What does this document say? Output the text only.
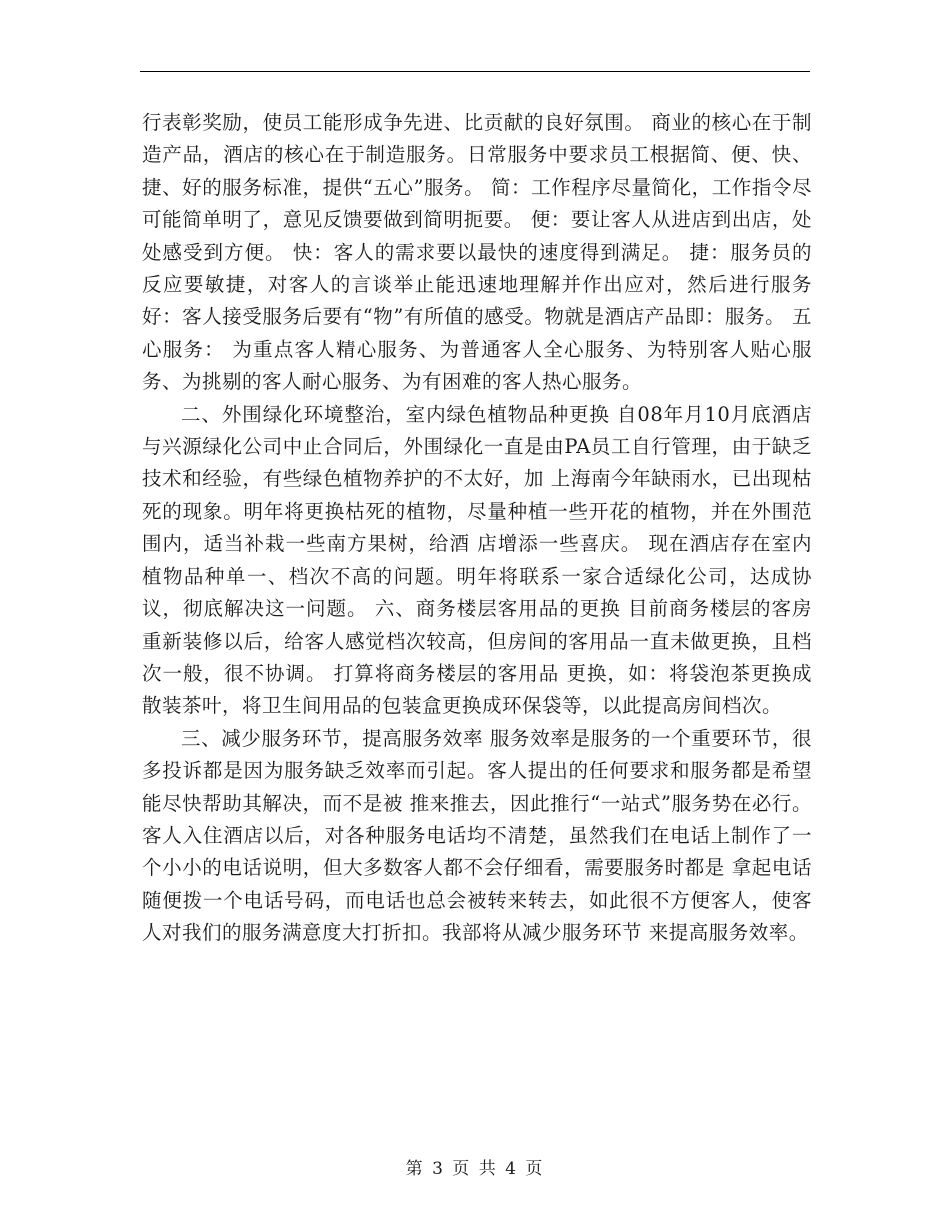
行表彰奖励，使员工能形成争先进、比贡献的良好氛围。 商业的核心在于制造产品，酒店的核心在于制造服务。日常服务中要求员工根据简、便、快、捷、好的服务标准，提供“五心”服务。 简：工作程序尽量简化，工作指令尽可能简单明了，意见反馈要做到简明扼要。 便：要让客人从进店到出店，处处感受到方便。 快：客人的需求要以最快的速度得到满足。 捷：服务员的反应要敏捷，对客人的言谈举止能迅速地理解并作出应对，然后进行服务 好：客人接受服务后要有“物”有所值的感受。物就是酒店产品即：服务。 五心服务： 为重点客人精心服务、为普通客人全心服务、为特别客人贴心服务、为挑剔的客人耐心服务、为有困难的客人热心服务。

二、外围绿化环境整治，室内绿色植物品种更换 自08年月10月底酒店与兴源绿化公司中止合同后，外围绿化一直是由PA员工自行管理，由于缺乏技术和经验，有些绿色植物养护的不太好，加 上海南今年缺雨水，已出现枯死的现象。明年将更换枯死的植物，尽量种植一些开花的植物，并在外围范围内，适当补栽一些南方果树，给酒 店增添一些喜庆。 现在酒店存在室内植物品种单一、档次不高的问题。明年将联系一家合适绿化公司，达成协议，彻底解决这一问题。 六、商务楼层客用品的更换 目前商务楼层的客房重新装修以后，给客人感觉档次较高，但房间的客用品一直未做更换，且档次一般，很不协调。 打算将商务楼层的客用品 更换，如：将袋泡茶更换成散装茶叶，将卫生间用品的包装盒更换成环保袋等，以此提高房间档次。

三、减少服务环节，提高服务效率 服务效率是服务的一个重要环节，很多投诉都是因为服务缺乏效率而引起。客人提出的任何要求和服务都是希望能尽快帮助其解决，而不是被 推来推去，因此推行“一站式”服务势在必行。 客人入住酒店以后，对各种服务电话均不清楚，虽然我们在电话上制作了一个小小的电话说明，但大多数客人都不会仔细看，需要服务时都是 拿起电话随便拨一个电话号码，而电话也总会被转来转去，如此很不方便客人，使客人对我们的服务满意度大打折扣。我部将从减少服务环节 来提高服务效率。

第 3 页 共 4 页
